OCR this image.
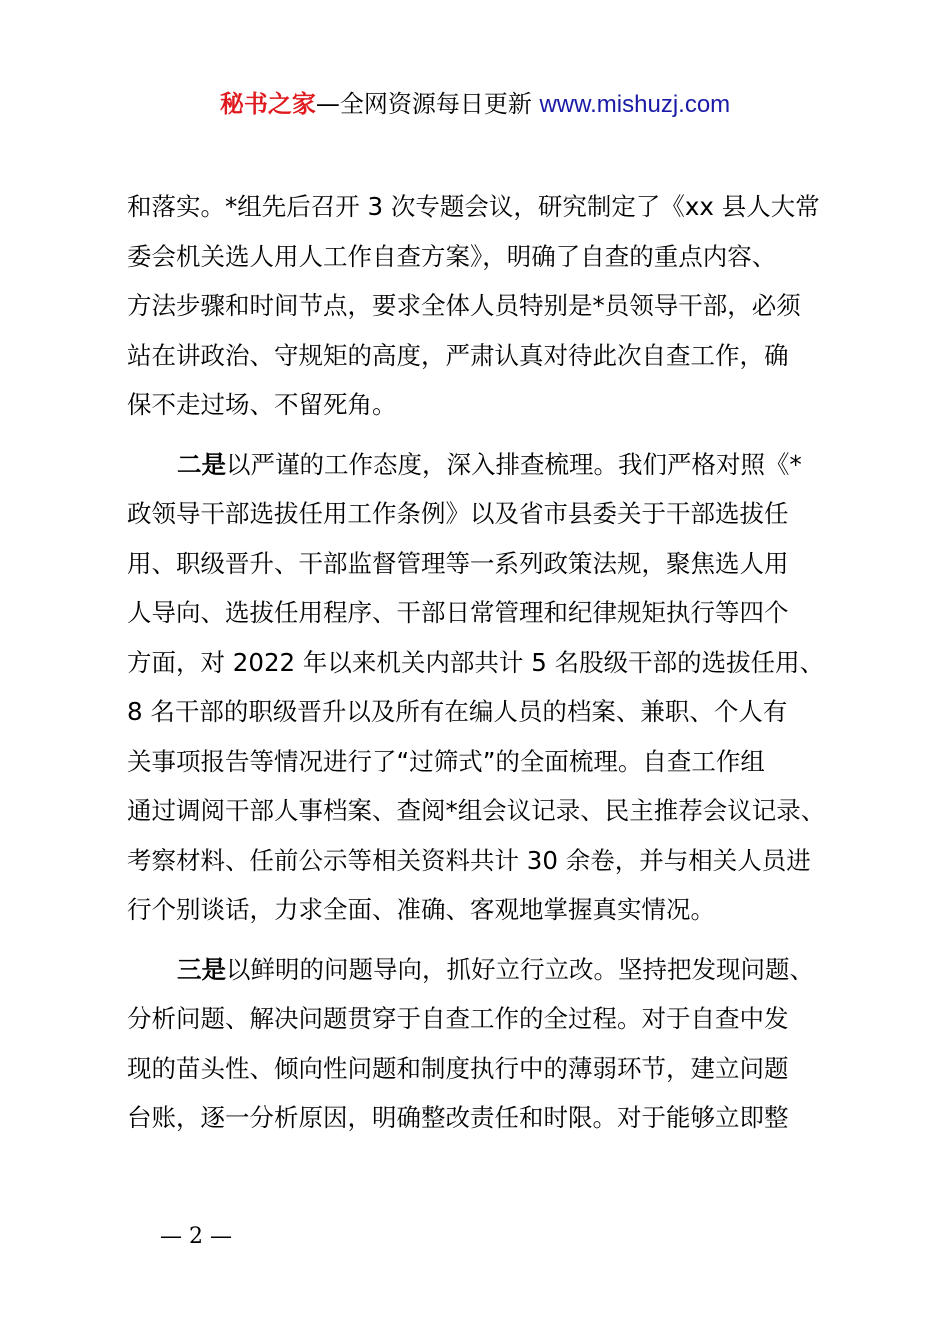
秘书之家—全网资源每日更新 www.mishuzj.com
和落实。*组先后召开 3 次专题会议，研究制定了《xx 县人大常
委会机关选人用人工作自查方案》，明确了自查的重点内容、
方法步骤和时间节点，要求全体人员特别是*员领导干部，必须
站在讲政治、守规矩的高度，严肃认真对待此次自查工作，确
保不走过场、不留死角。
二是以严谨的工作态度，深入排查梳理。我们严格对照《*
政领导干部选拔任用工作条例》以及省市县委关于干部选拔任
用、职级晋升、干部监督管理等一系列政策法规，聚焦选人用
人导向、选拔任用程序、干部日常管理和纪律规矩执行等四个
方面，对 2022 年以来机关内部共计 5 名股级干部的选拔任用、
8 名干部的职级晋升以及所有在编人员的档案、兼职、个人有
关事项报告等情况进行了“过筛式”的全面梳理。自查工作组
通过调阅干部人事档案、查阅*组会议记录、民主推荐会议记录、
考察材料、任前公示等相关资料共计 30 余卷，并与相关人员进
行个别谈话，力求全面、准确、客观地掌握真实情况。
三是以鲜明的问题导向，抓好立行立改。坚持把发现问题、
分析问题、解决问题贯穿于自查工作的全过程。对于自查中发
现的苗头性、倾向性问题和制度执行中的薄弱环节，建立问题
台账，逐一分析原因，明确整改责任和时限。对于能够立即整
— 2 —
